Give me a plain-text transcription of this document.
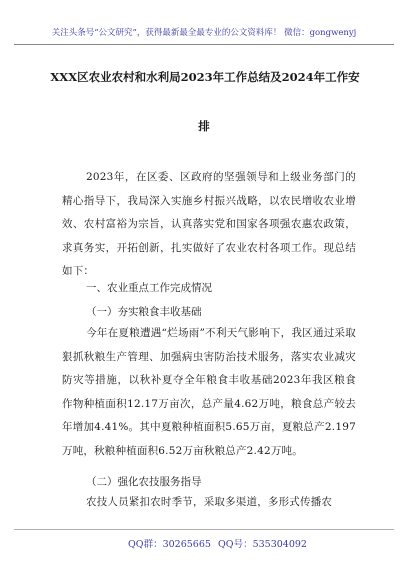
关注头条号“公文研究”，获得最新最全最专业的公文资料库！ 微信：gongwenyj
XXX区农业农村和水利局2023年工作总结及2024年工作安
排
2023年，在区委、区政府的坚强领导和上级业务部门的精心指导下，我局深入实施乡村振兴战略，以农民增收农业增效、农村富裕为宗旨，认真落实党和国家各项强农惠农政策，求真务实，开拓创新，扎实做好了农业农村各项工作。现总结如下：
一、农业重点工作完成情况
（一）夯实粮食丰收基础
今年在夏粮遭遇“烂场雨”不利天气影响下，我区通过采取狠抓秋粮生产管理、加强病虫害防治技术服务，落实农业减灾防灾等措施，以秋补夏夺全年粮食丰收基础2023年我区粮食作物种植面积12.17万亩次，总产量4.62万吨，粮食总产较去年增加4.41%。其中夏粮种植面积5.65万亩，夏粮总产2.197万吨，秋粮种植面积6.52万亩秋粮总产2.42万吨。
（二）强化农技服务指导
农技人员紧扣农时季节，采取多渠道，多形式传播农
QQ群：30265665 QQ号：535304092
